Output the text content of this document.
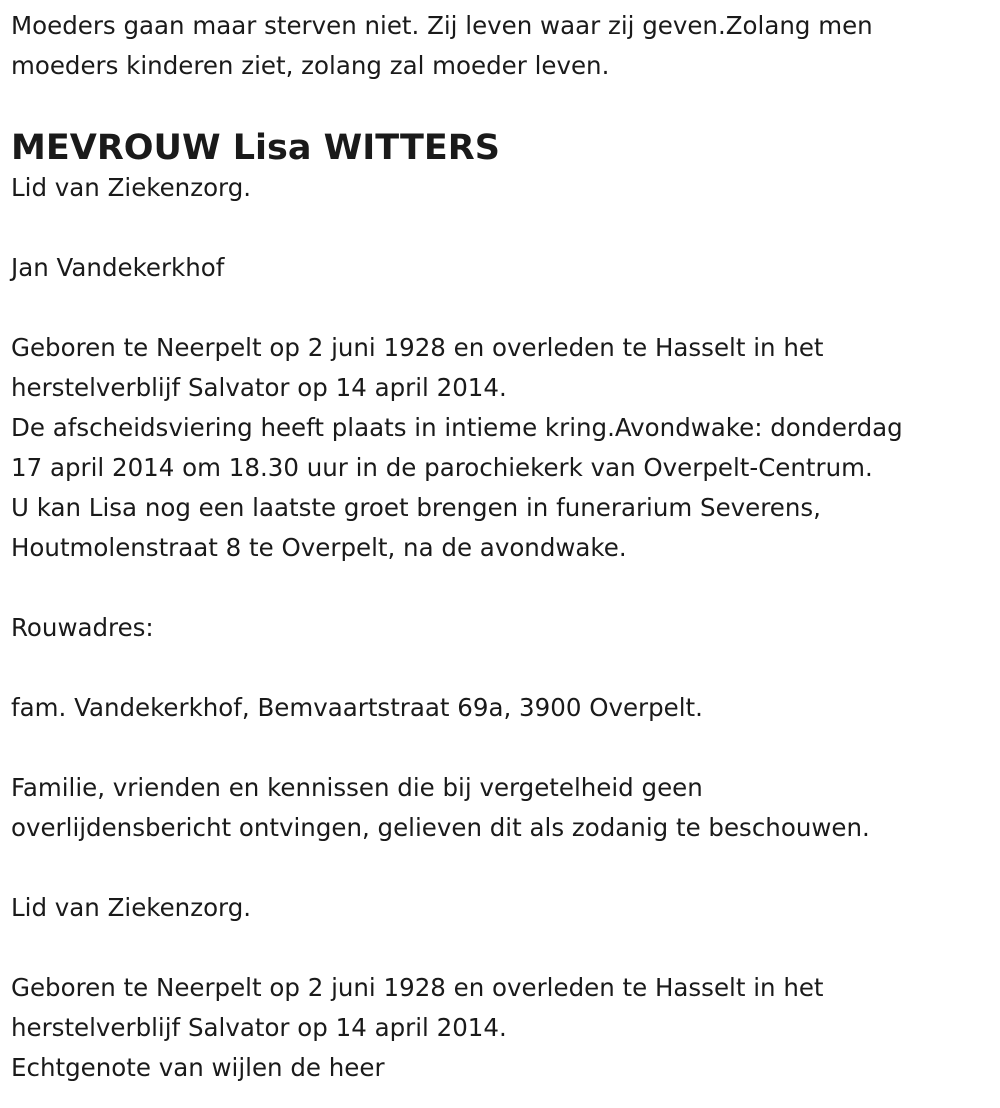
Moeders gaan maar sterven niet. Zij leven waar zij geven.Zolang men
moeders kinderen ziet, zolang zal moeder leven.
MEVROUW Lisa WITTERS
Lid van Ziekenzorg.
Jan Vandekerkhof
Geboren te Neerpelt op 2 juni 1928 en overleden te Hasselt in het
herstelverblijf Salvator op 14 april 2014.
De afscheidsviering heeft plaats in intieme kring.Avondwake: donderdag
17 april 2014 om 18.30 uur in de parochiekerk van Overpelt-Centrum.
U kan Lisa nog een laatste groet brengen in funerarium Severens,
Houtmolenstraat 8 te Overpelt, na de avondwake.
Rouwadres:
fam. Vandekerkhof, Bemvaartstraat 69a, 3900 Overpelt.
Familie, vrienden en kennissen die bij vergetelheid geen
overlijdensbericht ontvingen, gelieven dit als zodanig te beschouwen.
Lid van Ziekenzorg.
Geboren te Neerpelt op 2 juni 1928 en overleden te Hasselt in het
herstelverblijf Salvator op 14 april 2014.
Echtgenote van wijlen de heer
